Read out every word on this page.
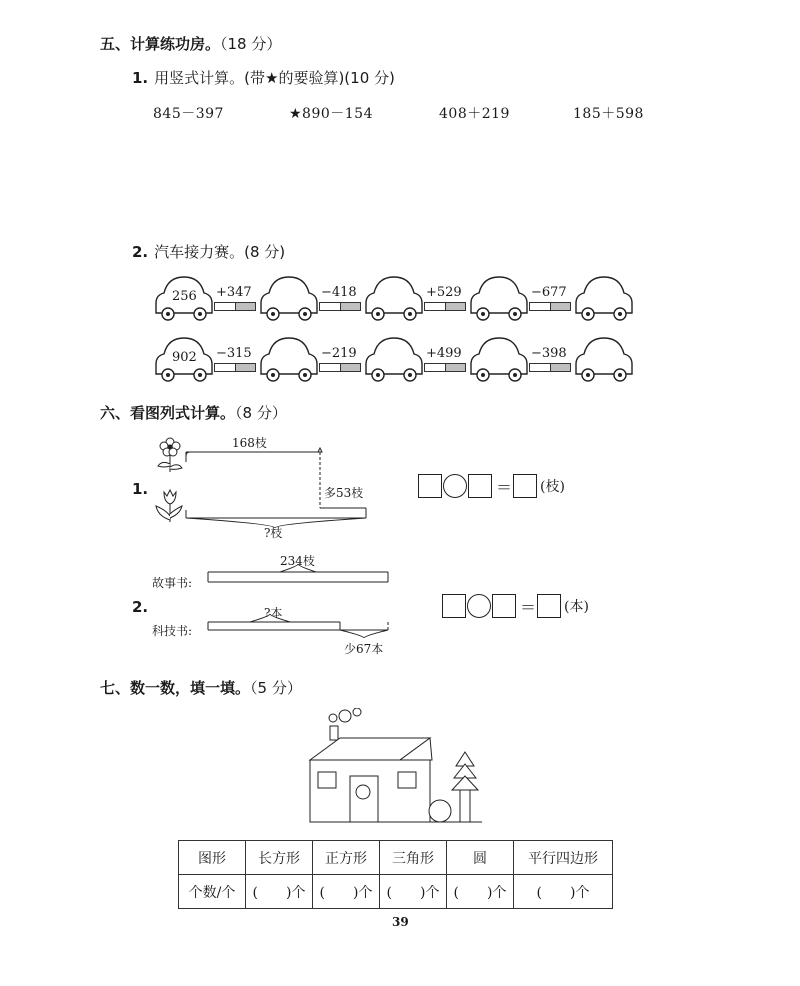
五、计算练功房。（18 分）
1. 用竖式计算。(带★的要验算)(10 分)
845－397	★890－154	408＋219	185＋598
2. 汽车接力赛。(8 分)
256 +347	−418	+529	−677
902 −315	−219	+499	−398
六、看图列式计算。（8 分）
1.
168枝
多53枝
?枝
＝ (枝)
故事书:
2.
科技书:
234枝
?本
少67本
＝ (本)
七、数一数，填一填。（5 分）
图形	长方形	正方形	三角形	圆	平行四边形
个数/个	(　　)个	(　　)个	(　　)个	(　　)个	(　　)个
39
